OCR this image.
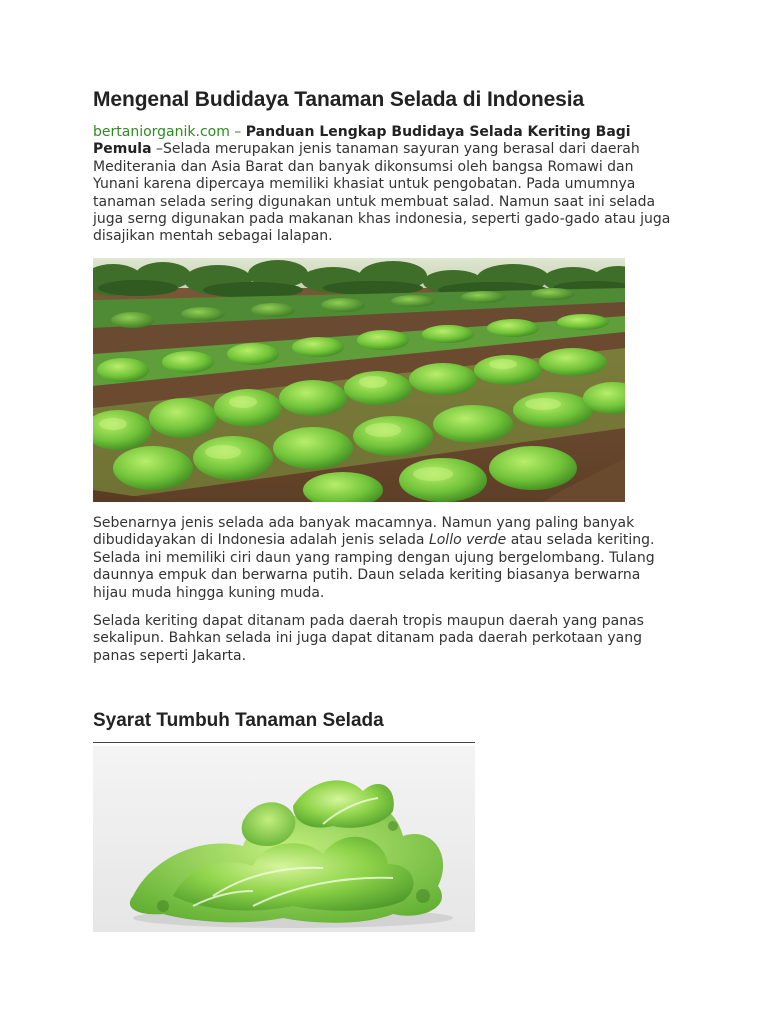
Mengenal Budidaya Tanaman Selada di Indonesia

bertaniorganik.com – Panduan Lengkap Budidaya Selada Keriting Bagi Pemula –Selada merupakan jenis tanaman sayuran yang berasal dari daerah Mediterania dan Asia Barat dan banyak dikonsumsi oleh bangsa Romawi dan Yunani karena dipercaya memiliki khasiat untuk pengobatan. Pada umumnya tanaman selada sering digunakan untuk membuat salad. Namun saat ini selada juga serng digunakan pada makanan khas indonesia, seperti gado-gado atau juga disajikan mentah sebagai lalapan.

Sebenarnya jenis selada ada banyak macamnya. Namun yang paling banyak dibudidayakan di Indonesia adalah jenis selada Lollo verde atau selada keriting. Selada ini memiliki ciri daun yang ramping dengan ujung bergelombang. Tulang daunnya empuk dan berwarna putih. Daun selada keriting biasanya berwarna hijau muda hingga kuning muda.

Selada keriting dapat ditanam pada daerah tropis maupun daerah yang panas sekalipun. Bahkan selada ini juga dapat ditanam pada daerah perkotaan yang panas seperti Jakarta.

Syarat Tumbuh Tanaman Selada
